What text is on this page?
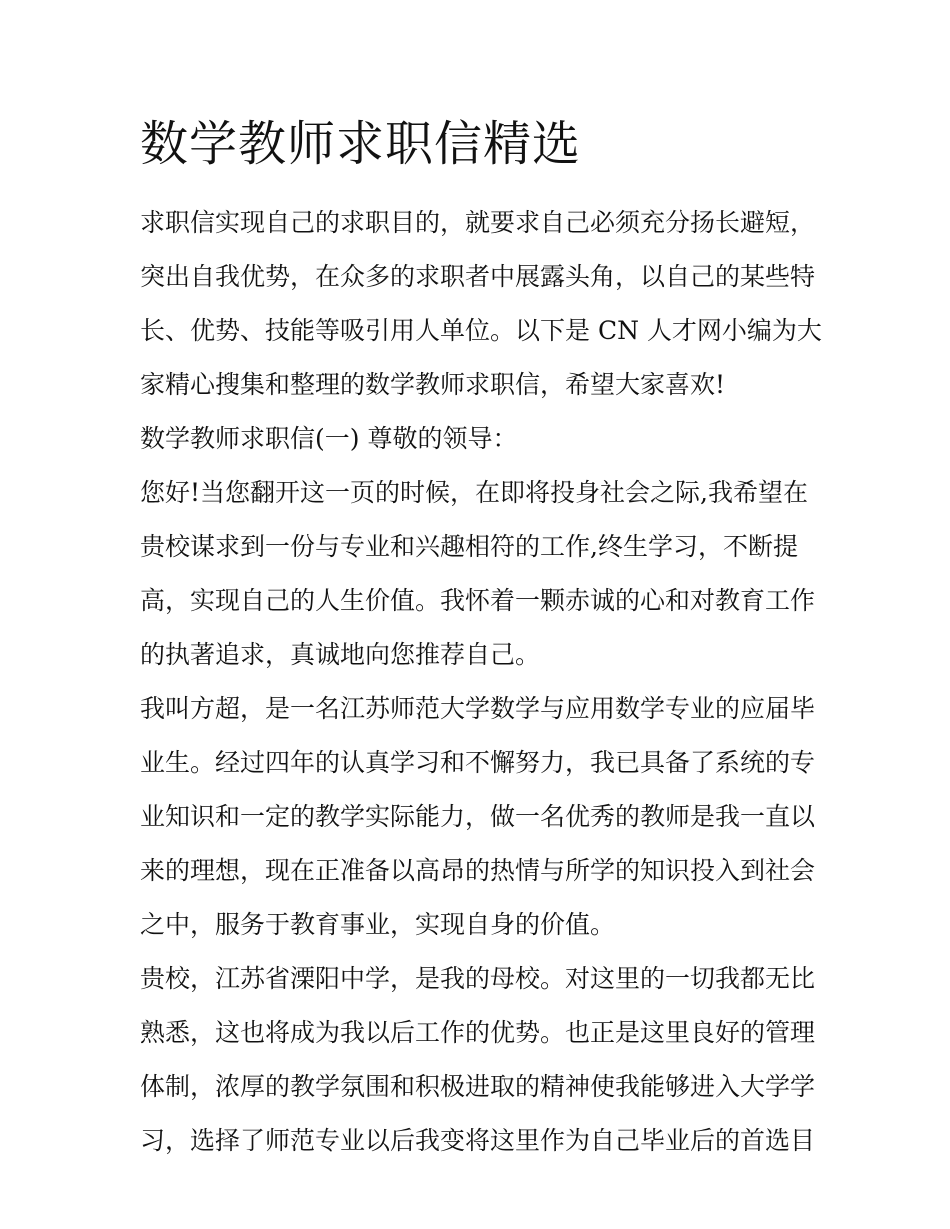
数学教师求职信精选
求职信实现自己的求职目的，就要求自己必须充分扬长避短，
突出自我优势，在众多的求职者中展露头角，以自己的某些特
长、优势、技能等吸引用人单位。以下是 CN 人才网小编为大
家精心搜集和整理的数学教师求职信，希望大家喜欢!
数学教师求职信(一) 尊敬的领导：
您好!当您翻开这一页的时候，在即将投身社会之际,我希望在
贵校谋求到一份与专业和兴趣相符的工作,终生学习，不断提
高，实现自己的人生价值。我怀着一颗赤诚的心和对教育工作
的执著追求，真诚地向您推荐自己。
我叫方超，是一名江苏师范大学数学与应用数学专业的应届毕
业生。经过四年的认真学习和不懈努力，我已具备了系统的专
业知识和一定的教学实际能力，做一名优秀的教师是我一直以
来的理想，现在正准备以高昂的热情与所学的知识投入到社会
之中，服务于教育事业，实现自身的价值。
贵校，江苏省溧阳中学，是我的母校。对这里的一切我都无比
熟悉，这也将成为我以后工作的优势。也正是这里良好的管理
体制，浓厚的教学氛围和积极进取的精神使我能够进入大学学
习，选择了师范专业以后我变将这里作为自己毕业后的首选目
